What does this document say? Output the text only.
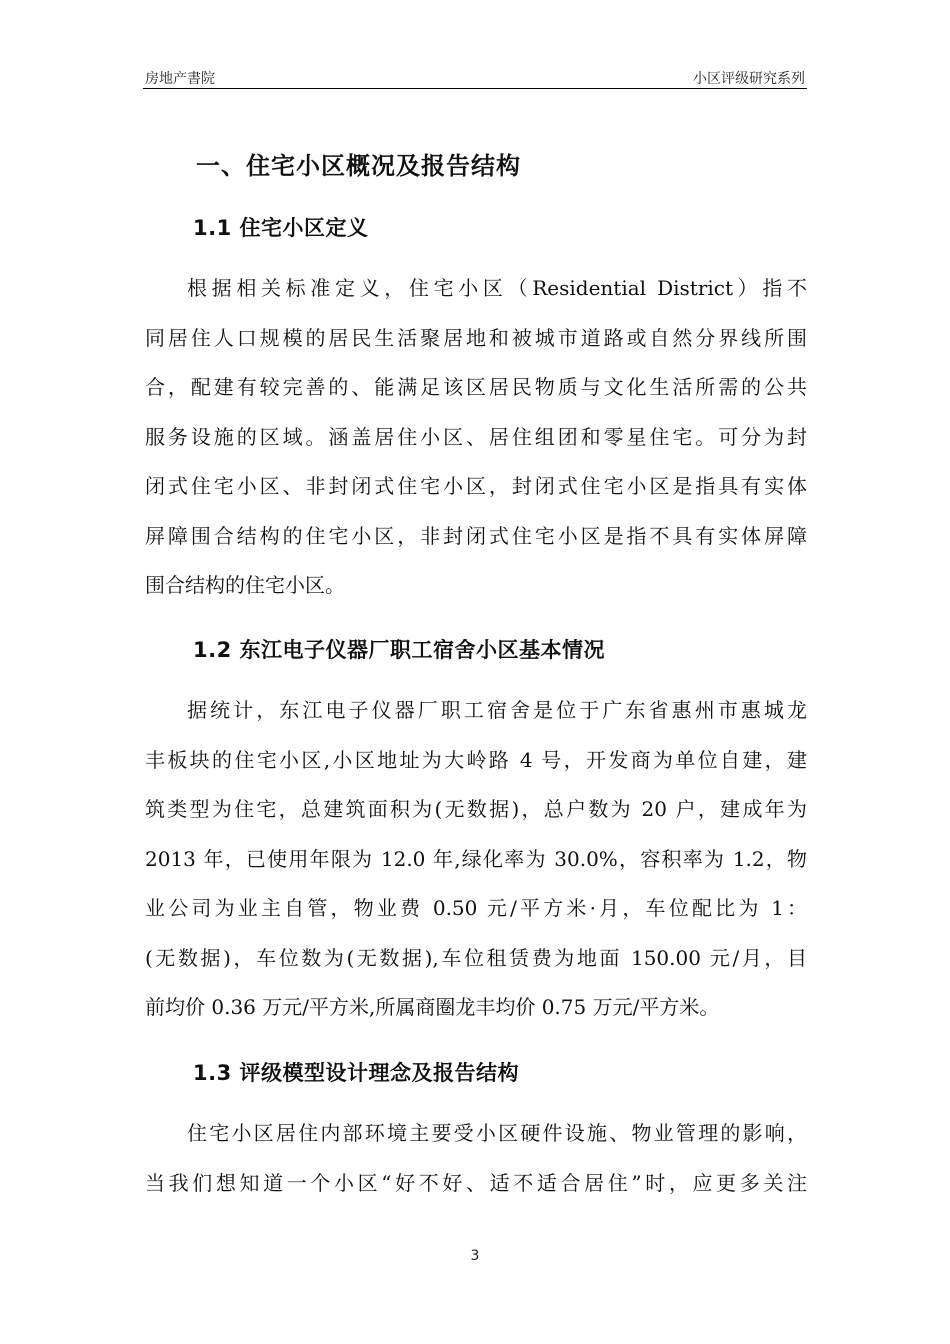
房地产書院	小区评级研究系列
一、住宅小区概况及报告结构
1.1 住宅小区定义
根据相关标准定义，住宅小区（Residential District）指不
同居住人口规模的居民生活聚居地和被城市道路或自然分界线所围
合，配建有较完善的、能满足该区居民物质与文化生活所需的公共
服务设施的区域。涵盖居住小区、居住组团和零星住宅。可分为封
闭式住宅小区、非封闭式住宅小区，封闭式住宅小区是指具有实体
屏障围合结构的住宅小区，非封闭式住宅小区是指不具有实体屏障
围合结构的住宅小区。
1.2 东江电子仪器厂职工宿舍小区基本情况
据统计，东江电子仪器厂职工宿舍是位于广东省惠州市惠城龙
丰板块的住宅小区,小区地址为大岭路 4 号，开发商为单位自建，建
筑类型为住宅，总建筑面积为(无数据)，总户数为 20 户，建成年为
2013 年，已使用年限为 12.0 年,绿化率为 30.0%，容积率为 1.2，物
业公司为业主自管，物业费 0.50 元/平方米·月，车位配比为 1：
(无数据)，车位数为(无数据),车位租赁费为地面 150.00 元/月，目
前均价 0.36 万元/平方米,所属商圈龙丰均价 0.75 万元/平方米。
1.3 评级模型设计理念及报告结构
住宅小区居住内部环境主要受小区硬件设施、物业管理的影响，
当我们想知道一个小区“好不好、适不适合居住”时，应更多关注
3
